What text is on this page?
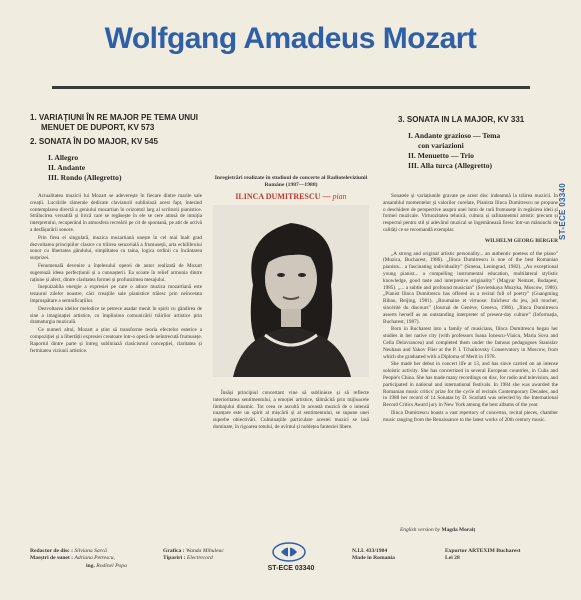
Wolfgang Amadeus Mozart
ST-ECE 03340
1. VARIAŢIUNI ÎN RE MAJOR PE TEMA UNUI
MENUET DE DUPORT, KV 573
2. SONATA ÎN DO MAJOR, KV 545
I. Allegro
II. Andante
III. Rondo (Allegretto)
3. SONATA IN LA MAJOR, KV 331
I. Andante grazioso — Tema
con variazioni
II. Menuetto — Trio
III. Alla turca (Allegretto)

Actualitatea muzicii lui Mozart se adeverește în fiecare dintre marile sale creații. Lucrările rămerale dedicate claviaturii subliniază acest fapt, întesind contemplarea directă a geniului mozartian în orizontul larg al scriiturii pianistice. Strălucirea versatilă și lirică care se regăsește în ele se cere atinsă de intuiția interpretului, recuperând în atmosfera recreării pe cit de spontană, pe atit de activă a desfășurării sonore.

Prin firea ei singulară, muzica mozartiană unește în cel mai înalt grad dezvoltarea principiilor clasice cu trăirea senzorială a frumuseții, arta echilibrului sonor cu libertatea gândului, simplitatea cu taina, logica ordinii cu încântarea surprizei.

Fenomenală devenire a înțelesului operei de autor realizată de Mozart sugerează ideea perfecțiunii și a cunoașterii. Ea scoate în relief armonia dintre rațiune și afect, dintre claritatea formei și profunzimea mesajului.

Inepuizabila energie a expresiei pe care o aduce muzica mozartiană este tezaurul zilelor noastre, căci creațiile sale pianistice trăiesc prin neîncetata împrospătare a semnificațiilor.

Dezvoltarea ideilor melodice se petrece asadar menit în spirit cu gândirea de sine a imaginației artistice, cu împlinirea comunicării trăirilor artistice prin dramaturgia muzicală.

Ce numeri altul, Mozart a știut să transforme teoria efectelor estetice a compoziției și a libertății expresiei creatoare într-o operă de neîntrecută frumusețe. Raportul dintre parte și întreg subliniază clasicismul concepției, claritatea și fermitatea viziunii artistice.

Inregistrări realizate în studioul de concerte al Radioteleviziunii Române (1987—1988)
ILINCA DUMITRESCU — pian

Însăși principiul concertant vine să sublinieze și să reflecte interioritatea sentimentului, a emoției artistice, tâlmăcită prin mijloacele limbajului dinamic. Tot ceea ce ascultă în această muzică de o intensă nuanțare este un spirit al mișcării și al sentimentului, se supune unei superbe obiectivări. Culminațiile particulare acestei muzici se lasă dominate, în rigoarea totului, de avîntul și noblețea fanteziei libere.

Sonatele și variațiunile gravate pe acest disc indeamnă la trăirea muzicii. În ansamblul momentelor și valorilor corelate, Pianista Ilinca Dumitrescu ne propune o deschidere de perspective asupra unei lumi de rară frumusețe în regăsirea ideii și formei muzicale. Virtuozitatea tehnică, cultura și rafinamentul artistic precum și respectul pentru stil și adevărul muzical se îngemănează firesc într-un mănunchi de calități ce se recomandă exemplar.

WILHELM GEORG BERGER

„A strong and original artistic personality... an authentic poetess of the piano” (Muzica, Bucharest, 1986). „Ilinca Dumitrescu is one of the best Romanian pianists... a fascinating individuality” (Smena, Leningrad, 1982). „An exceptional young pianist... a compelling instrumental education, multilateral stylistic knowledge, good taste and interpretive originality” (Magyar Nemzet, Budapest, 1985). „... a subtle and profound musician” (Sovietskaya Muzyka, Moscow, 1986). „Pianist Ilinca Dumitrescu has offered us a recital full of poetry” (Guangming Ribao, Beijing, 1981). „Roumaine et virtuose: fraîcheur du jeu, joli toucher, sincérité du discours” (Journal de Genève, Geneva, 1986). „Ilinca Dumitrescu asserts herself as an outstanding interpreter of present-day culture” (Informația, Bucharest, 1987).

Born in Bucharest into a family of musicians, Ilinca Dumitrescu began her studies in her native city (with professors Ioana Ionescu-Vlaicu, Maria Sova and Cella Delavrancea) and completed them under the famous pedagogues Stanislav Neuhaus and Yakov Flier at the P. I. Tchaikovsky Conservatory in Moscow, from which she graduated with a Diploma of Merit in 1978.

She made her debut in concert life at 13, and has since carried on an intense soloistic activity. She has concertized in several European countries, in Cuba and People's China. She has made many recordings on disc, for radio and television, and participated in national and international festivals. In 1984 she was awarded the Romanian music critics' prize for the cycle of recitals Contemporary Decades, and in 1988 her record of 14 Sonatas by D. Scarlatti was selected by the International Record Critics Award jury in New York among the best albums of the year.

Ilinca Dumitrescu boasts a vast repertory of concertos, recital pieces, chamber music ranging from the Renaissance to the latest works of 20th century music.

English version by Magda Moraiț
Redactor de disc : Silviana Sarcă
Maeștri de sunet : Adriana Petrescu,
ing. Rodinel Popa
Grafica : Wanda Mihuleac
Tipariri : Electrecord
ST-ECE 03340
N.I.I. 433/1984
Made in Romania
Exportor ARTEXIM Bucharest
Lei 28
